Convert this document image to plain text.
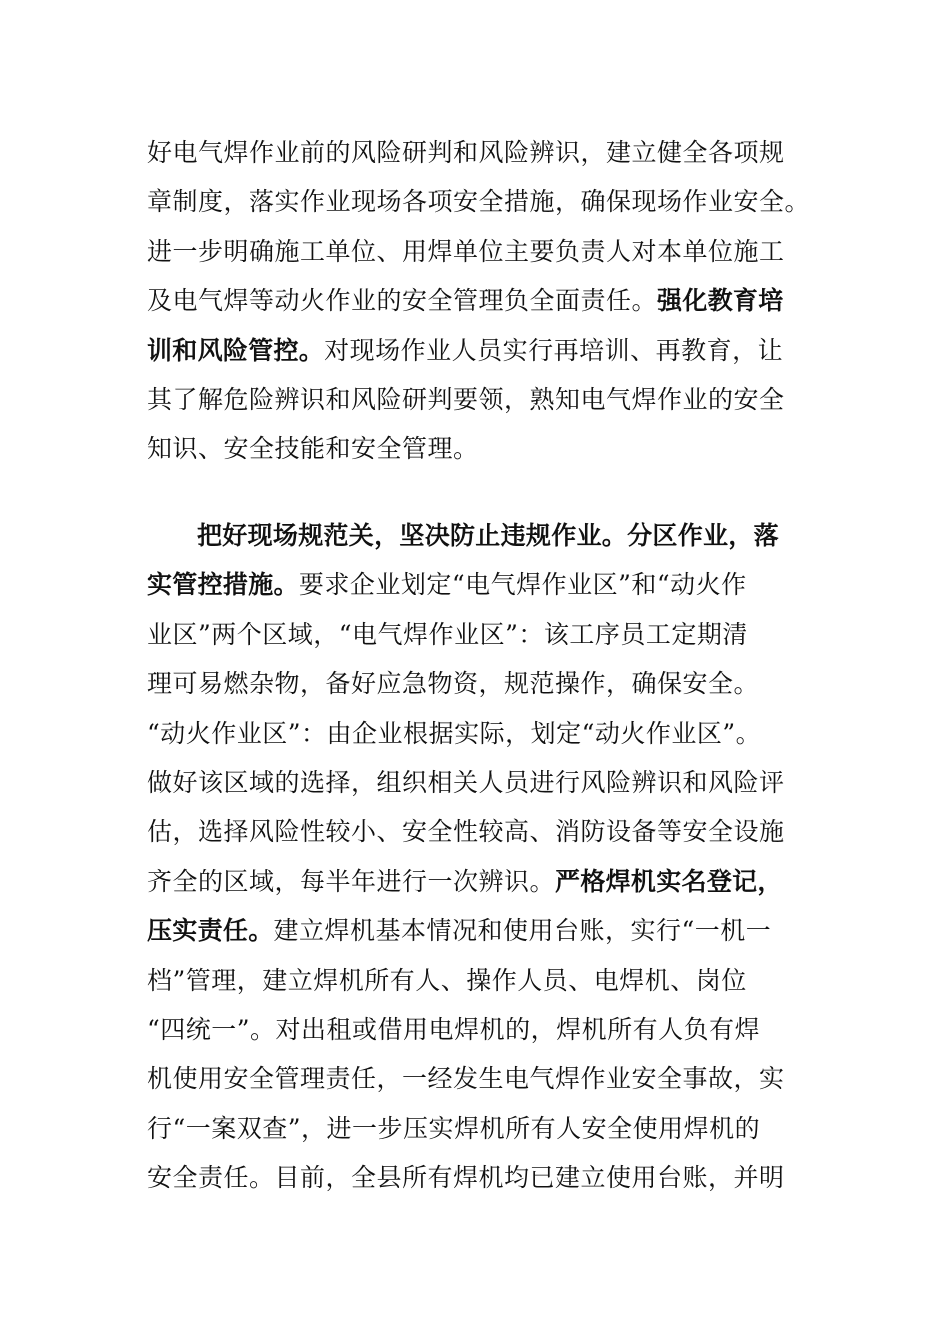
好电气焊作业前的风险研判和风险辨识，建立健全各项规
章制度，落实作业现场各项安全措施，确保现场作业安全。
进一步明确施工单位、用焊单位主要负责人对本单位施工
及电气焊等动火作业的安全管理负全面责任。强化教育培
训和风险管控。对现场作业人员实行再培训、再教育，让
其了解危险辨识和风险研判要领，熟知电气焊作业的安全
知识、安全技能和安全管理。
把好现场规范关，坚决防止违规作业。分区作业，落
实管控措施。要求企业划定“电气焊作业区”和“动火作
业区”两个区域，“电气焊作业区”：该工序员工定期清
理可易燃杂物，备好应急物资，规范操作，确保安全。
“动火作业区”：由企业根据实际，划定“动火作业区”。
做好该区域的选择，组织相关人员进行风险辨识和风险评
估，选择风险性较小、安全性较高、消防设备等安全设施
齐全的区域，每半年进行一次辨识。严格焊机实名登记，
压实责任。建立焊机基本情况和使用台账，实行“一机一
档”管理，建立焊机所有人、操作人员、电焊机、岗位
“四统一”。对出租或借用电焊机的，焊机所有人负有焊
机使用安全管理责任，一经发生电气焊作业安全事故，实
行“一案双查”，进一步压实焊机所有人安全使用焊机的
安全责任。目前，全县所有焊机均已建立使用台账，并明
